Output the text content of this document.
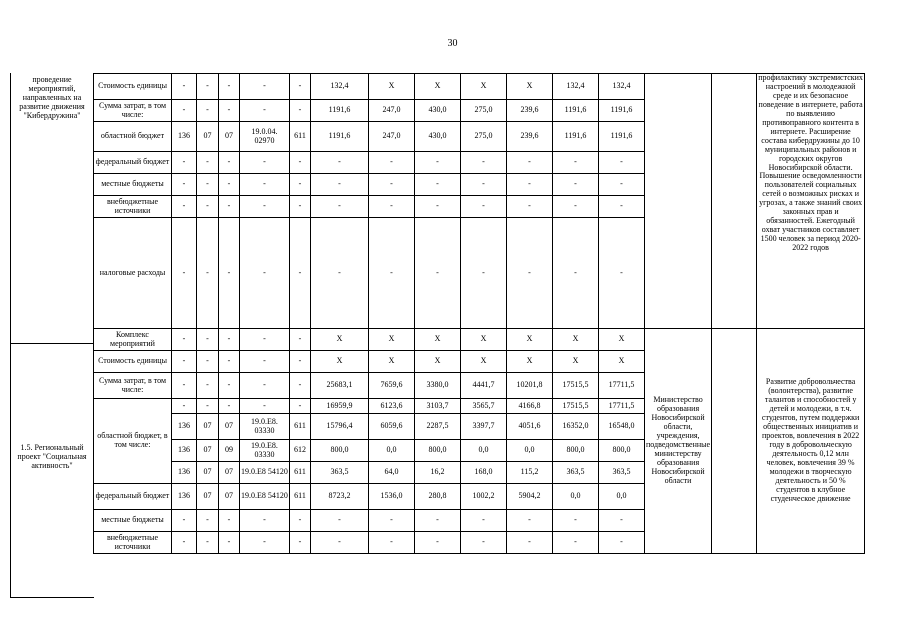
30
проведение мероприятий, направленных на развитие движения "Кибердружина"
1.5. Региональный проект "Социальная активность"
Стоимость единицы	-	-	-	-	-	132,4	Х	Х	Х	Х	132,4	132,4			профилактику экстремистских настроений в молодежной среде и их безопасное поведение в интернете, работа по выявлению противоправного контента в интернете. Расширение состава кибердружины до 10 муниципальных районов и городских округов Новосибирской области. Повышение осведомленности пользователей социальных сетей о возможных рисках и угрозах, а также знаний своих законных прав и обязанностей. Ежегодный охват участников составляет 1500 человек за период 2020-2022 годов
Сумма затрат, в том числе:	-	-	-	-	-	1191,6	247,0	430,0	275,0	239,6	1191,6	1191,6			
областной бюджет	136	07	07	19.0.04. 02970	611	1191,6	247,0	430,0	275,0	239,6	1191,6	1191,6			
федеральный бюджет	-	-	-	-	-	-	-	-	-	-	-	-			
местные бюджеты	-	-	-	-	-	-	-	-	-	-	-	-			
внебюджетные источники	-	-	-	-	-	-	-	-	-	-	-	-			
налоговые расходы	-	-	-	-	-	-	-	-	-	-	-	-			
Комплекс мероприятий	-	-	-	-	-	Х	Х	Х	Х	Х	Х	Х	Министерство образования Новосибирской области, учреждения, подведомственные министерству образования Новосибирской области		Развитие добровольчества (волонтерства), развитие талантов и способностей у детей и молодежи, в т.ч. студентов, путем поддержки общественных инициатив и проектов, вовлечения в 2022 году в добровольческую деятельность 0,12 млн человек, вовлечения 39 % молодежи в творческую деятельность и 50 % студентов в клубное студенческое движение
Стоимость единицы	-	-	-	-	-	Х	Х	Х	Х	Х	Х	Х			
Сумма затрат, в том числе:	-	-	-	-	-	25683,1	7659,6	3380,0	4441,7	10201,8	17515,5	17711,5			
областной бюджет, в том числе:	-	-	-	-	-	16959,9	6123,6	3103,7	3565,7	4166,8	17515,5	17711,5			
	136	07	07	19.0.E8. 03330	611	15796,4	6059,6	2287,5	3397,7	4051,6	16352,0	16548,0			
	136	07	09	19.0.E8. 03330	612	800,0	0,0	800,0	0,0	0,0	800,0	800,0			
	136	07	07	19.0.E8 54120	611	363,5	64,0	16,2	168,0	115,2	363,5	363,5			
федеральный бюджет	136	07	07	19.0.E8 54120	611	8723,2	1536,0	280,8	1002,2	5904,2	0,0	0,0			
местные бюджеты	-	-	-	-	-	-	-	-	-	-	-	-			
внебюджетные источники	-	-	-	-	-	-	-	-	-	-	-	-			
